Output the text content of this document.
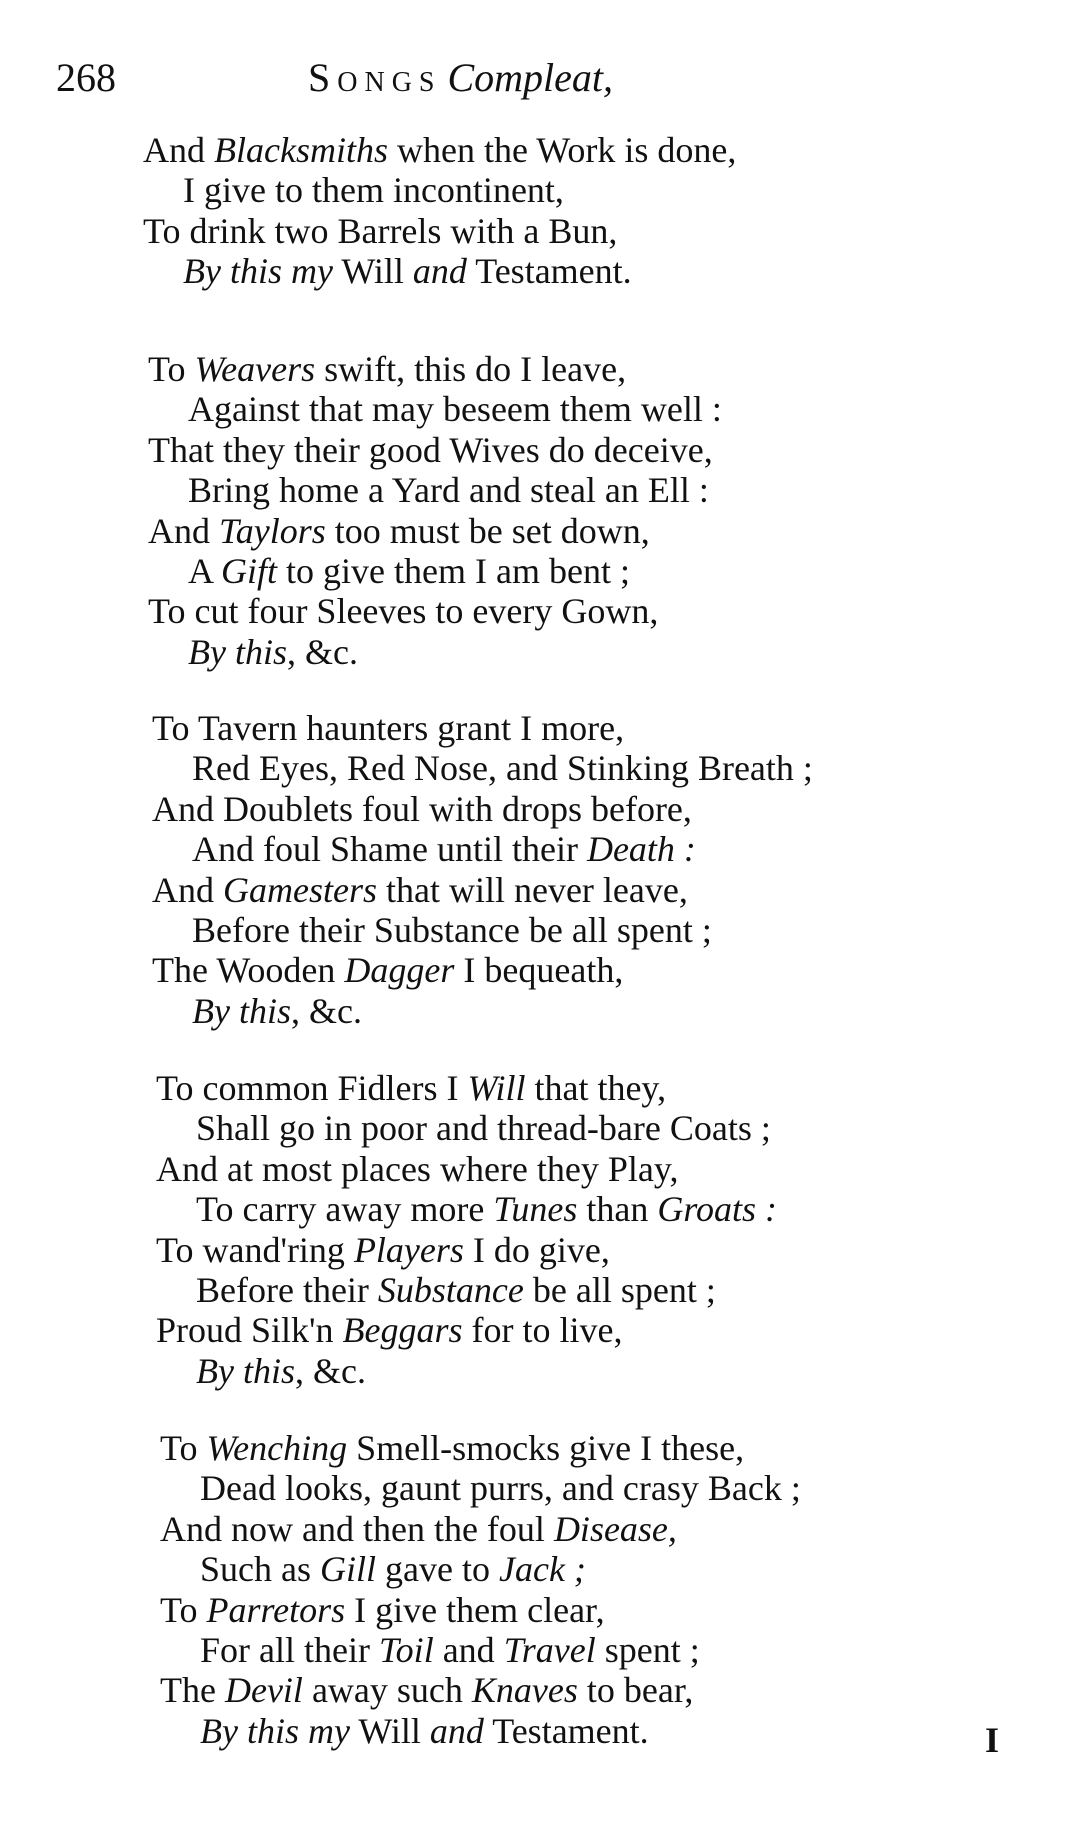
268	Songs Compleat,
And Blacksmiths when the Work is done,
I give to them incontinent,
To drink two Barrels with a Bun,
By this my Will and Testament.
To Weavers swift, this do I leave,
Against that may beseem them well :
That they their good Wives do deceive,
Bring home a Yard and steal an Ell :
And Taylors too must be set down,
A Gift to give them I am bent ;
To cut four Sleeves to every Gown,
By this, &c.
To Tavern haunters grant I more,
Red Eyes, Red Nose, and Stinking Breath ;
And Doublets foul with drops before,
And foul Shame until their Death :
And Gamesters that will never leave,
Before their Substance be all spent ;
The Wooden Dagger I bequeath,
By this, &c.
To common Fidlers I Will that they,
Shall go in poor and thread-bare Coats ;
And at most places where they Play,
To carry away more Tunes than Groats :
To wand'ring Players I do give,
Before their Substance be all spent ;
Proud Silk'n Beggars for to live,
By this, &c.
To Wenching Smell-smocks give I these,
Dead looks, gaunt purrs, and crasy Back ;
And now and then the foul Disease,
Such as Gill gave to Jack ;
To Parretors I give them clear,
For all their Toil and Travel spent ;
The Devil away such Knaves to bear,
By this my Will and Testament.	I
